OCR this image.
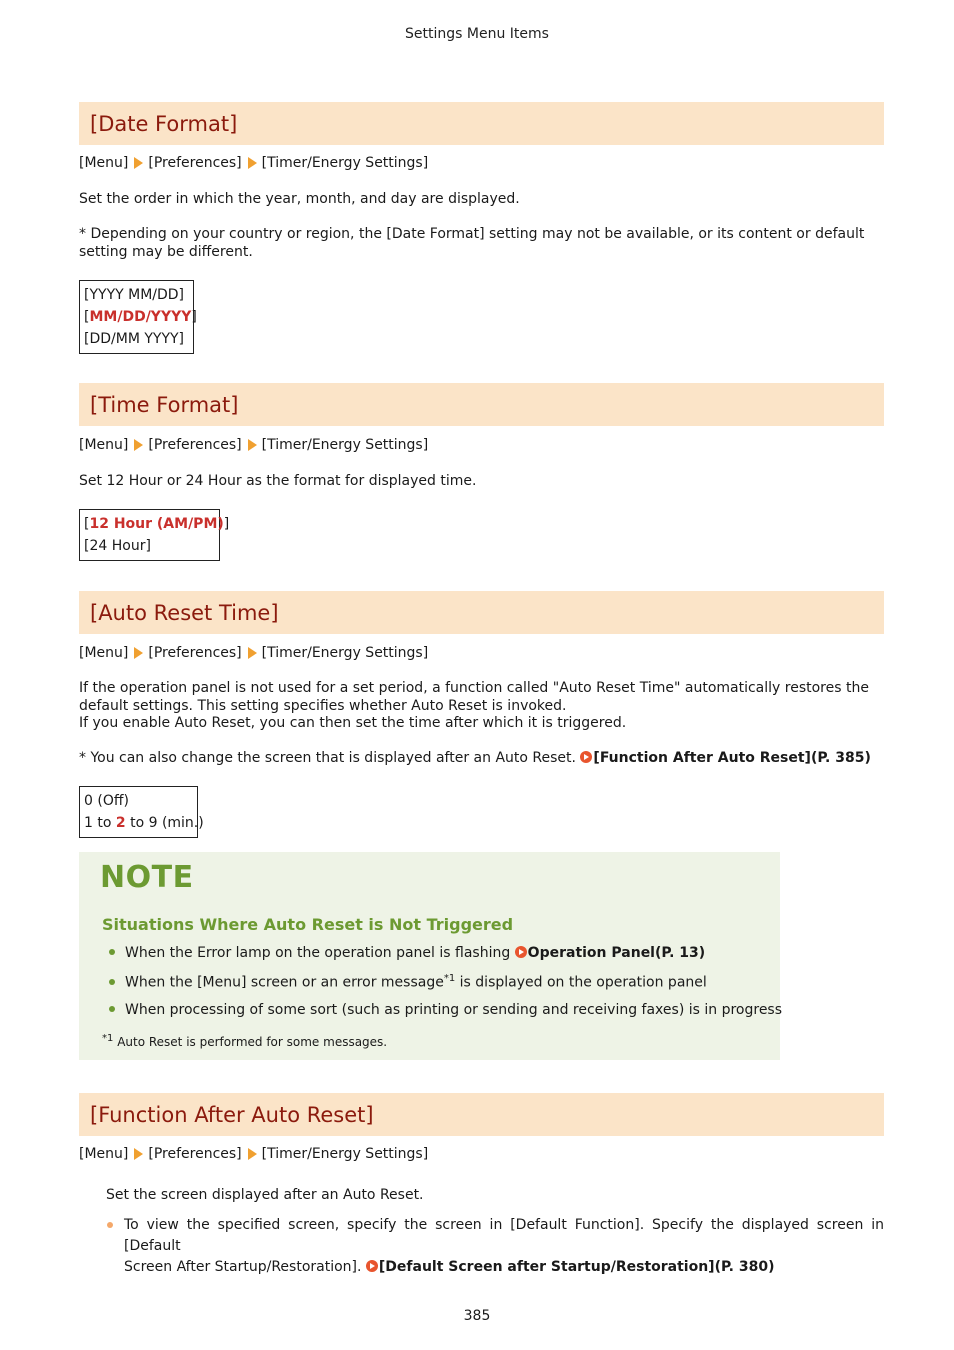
Settings Menu Items
[Date Format]
[Menu] [Preferences] [Timer/Energy Settings]
Set the order in which the year, month, and day are displayed.
* Depending on your country or region, the [Date Format] setting may not be available, or its content or default setting may be different.
[YYYY MM/DD]
[MM/DD/YYYY]
[DD/MM YYYY]
[Time Format]
[Menu] [Preferences] [Timer/Energy Settings]
Set 12 Hour or 24 Hour as the format for displayed time.
[12 Hour (AM/PM)]
[24 Hour]
[Auto Reset Time]
[Menu] [Preferences] [Timer/Energy Settings]
If the operation panel is not used for a set period, a function called "Auto Reset Time" automatically restores the
default settings. This setting specifies whether Auto Reset is invoked.
If you enable Auto Reset, you can then set the time after which it is triggered.
* You can also change the screen that is displayed after an Auto Reset. [Function After Auto Reset](P. 385)
0 (Off)
1 to 2 to 9 (min.)
NOTE
Situations Where Auto Reset is Not Triggered
When the Error lamp on the operation panel is flashing Operation Panel(P. 13)
When the [Menu] screen or an error message$^{*1}$ is displayed on the operation panel
When processing of some sort (such as printing or sending and receiving faxes) is in progress
$^{*1}$ Auto Reset is performed for some messages.
[Function After Auto Reset]
[Menu] [Preferences] [Timer/Energy Settings]
Set the screen displayed after an Auto Reset.
To view the specified screen, specify the screen in [Default Function]. Specify the displayed screen in [Default
Screen After Startup/Restoration]. [Default Screen after Startup/Restoration](P. 380)
385
